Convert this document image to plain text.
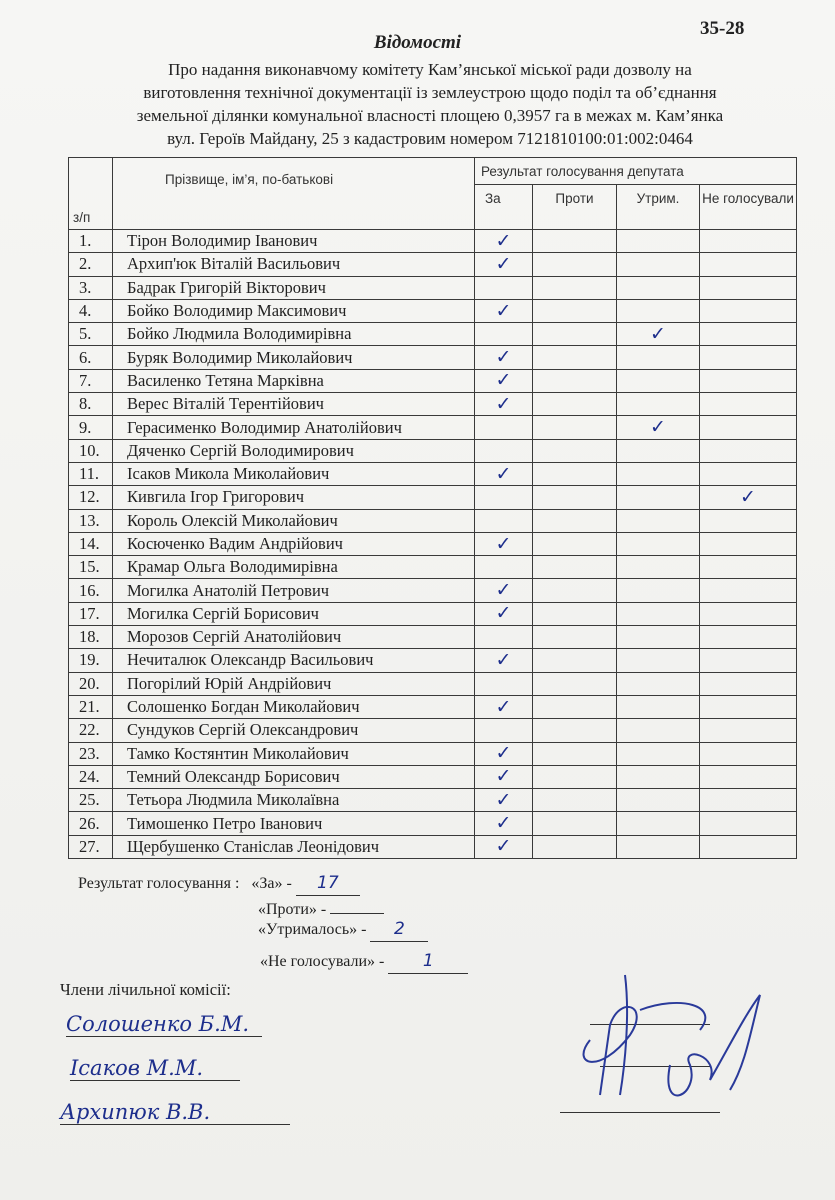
35-28
Відомості
Про надання виконавчому комітету Кам’янської міської ради дозволу на
виготовлення технічної документації із землеустрою щодо поділ та об’єднання
земельної ділянки комунальної власності площею 0,3957 га в межах м. Кам’янка
вул. Героїв Майдану, 25 з кадастровим номером 7121810100:01:002:0464
з/п	Прізвище, ім’я, по-батькові	Результат голосування депутата			
		За	Проти	Утрим.	Не голосували
1.	Тірон Володимир Іванович	✓			
2.	Архип'юк Віталій Васильович	✓			
3.	Бадрак Григорій Вікторович				
4.	Бойко Володимир Максимович	✓			
5.	Бойко Людмила Володимирівна			✓	
6.	Буряк Володимир Миколайович	✓			
7.	Василенко Тетяна Марківна	✓			
8.	Верес Віталій Терентійович	✓			
9.	Герасименко Володимир Анатолійович			✓	
10.	Дяченко Сергій Володимирович				
11.	Ісаков Микола Миколайович	✓			
12.	Кивгила Ігор Григорович				✓
13.	Король Олексій Миколайович				
14.	Косюченко Вадим Андрійович	✓			
15.	Крамар Ольга Володимирівна				
16.	Могилка Анатолій Петрович	✓			
17.	Могилка Сергій Борисович	✓			
18.	Морозов Сергій Анатолійович				
19.	Нечиталюк Олександр Васильович	✓			
20.	Погорілий Юрій Андрійович				
21.	Солошенко Богдан Миколайович	✓			
22.	Сундуков Сергій Олександрович				
23.	Тамко Костянтин Миколайович	✓			
24.	Темний Олександр Борисович	✓			
25.	Тетьора Людмила Миколаївна	✓			
26.	Тимошенко Петро Іванович	✓			
27.	Щербушенко Станіслав Леонідович	✓			
Результат голосування : «За» - 17
«Проти» -
«Утрималось» - 2
«Не голосували» - 1
Члени лічильної комісії:
Солошенко Б.М.
Ісаков М.М.
Архипюк В.В.
